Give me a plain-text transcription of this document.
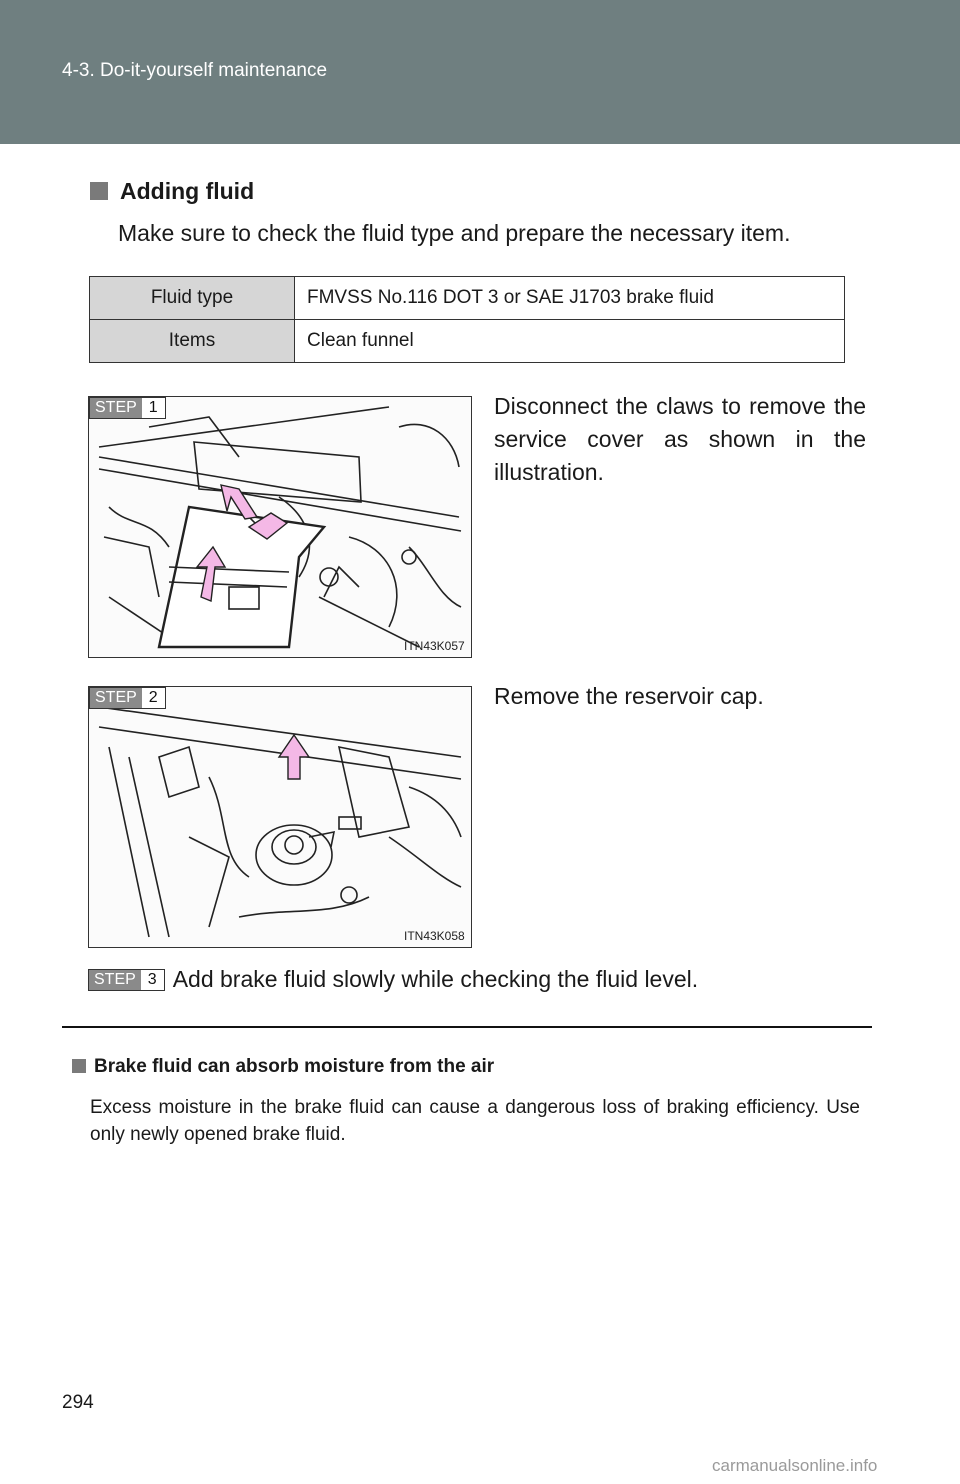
4-3. Do-it-yourself maintenance
Adding fluid
Make sure to check the fluid type and prepare the necessary item.
Fluid type	FMVSS No.116 DOT 3 or SAE J1703 brake fluid
Items	Clean funnel
STEP 1
ITN43K057
Disconnect the claws to remove the service cover as shown in the illustration.
STEP 2
ITN43K058
Remove the reservoir cap.
STEP 3 Add brake fluid slowly while checking the fluid level.
Brake fluid can absorb moisture from the air
Excess moisture in the brake fluid can cause a dangerous loss of braking efficiency. Use only newly opened brake fluid.
294
carmanualsonline.info
